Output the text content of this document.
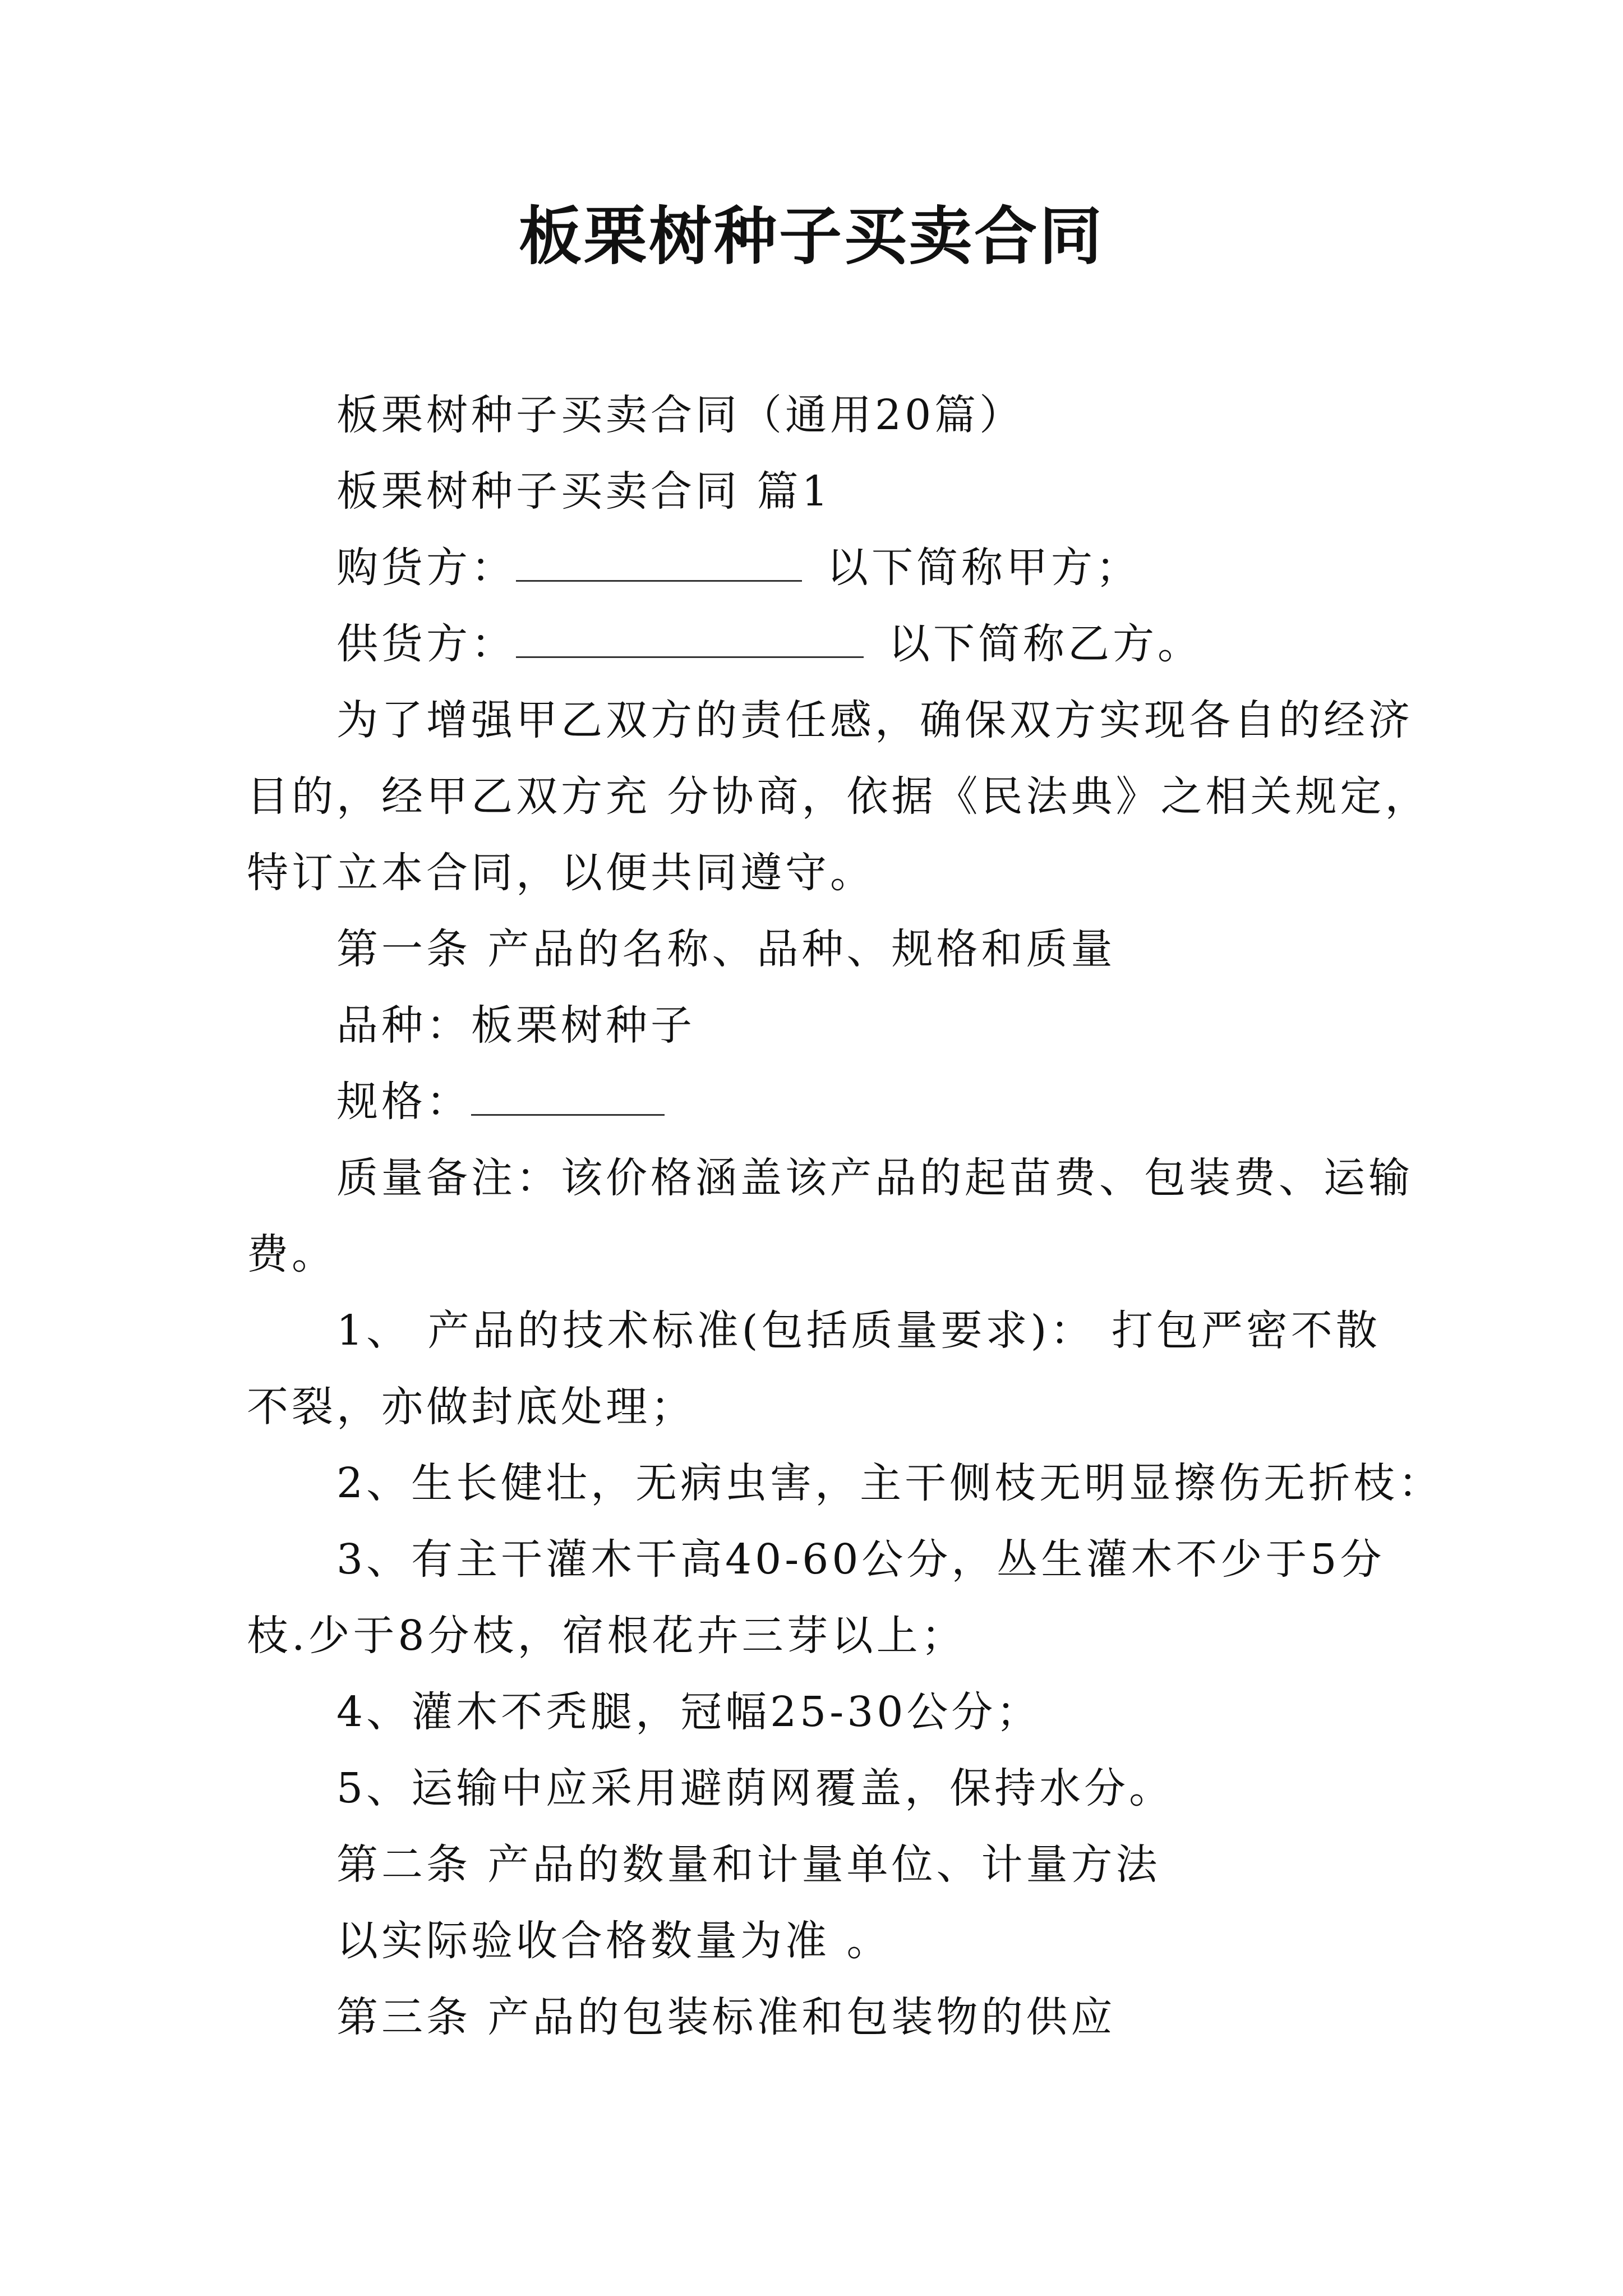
板栗树种子买卖合同
板栗树种子买卖合同（通用20篇）
板栗树种子买卖合同 篇1
购货方：	以下简称甲方；
供货方：	以下简称乙方。
为了增强甲乙双方的责任感，确保双方实现各自的经济
目的，经甲乙双方充 分协商，依据《民法典》之相关规定，
特订立本合同，以便共同遵守。
第一条 产品的名称、品种、规格和质量
品种：板栗树种子
规格：
质量备注：该价格涵盖该产品的起苗费、包装费、运输
费。
1、 产品的技术标准(包括质量要求)： 打包严密不散
不裂，亦做封底处理；
2、生长健壮，无病虫害，主干侧枝无明显擦伤无折枝：
3、有主干灌木干高40-60公分，丛生灌木不少于5分
枝.少于8分枝，宿根花卉三芽以上；
4、灌木不秃腿，冠幅25-30公分；
5、运输中应采用避荫网覆盖，保持水分。
第二条 产品的数量和计量单位、计量方法
以实际验收合格数量为准 。
第三条 产品的包装标准和包装物的供应
